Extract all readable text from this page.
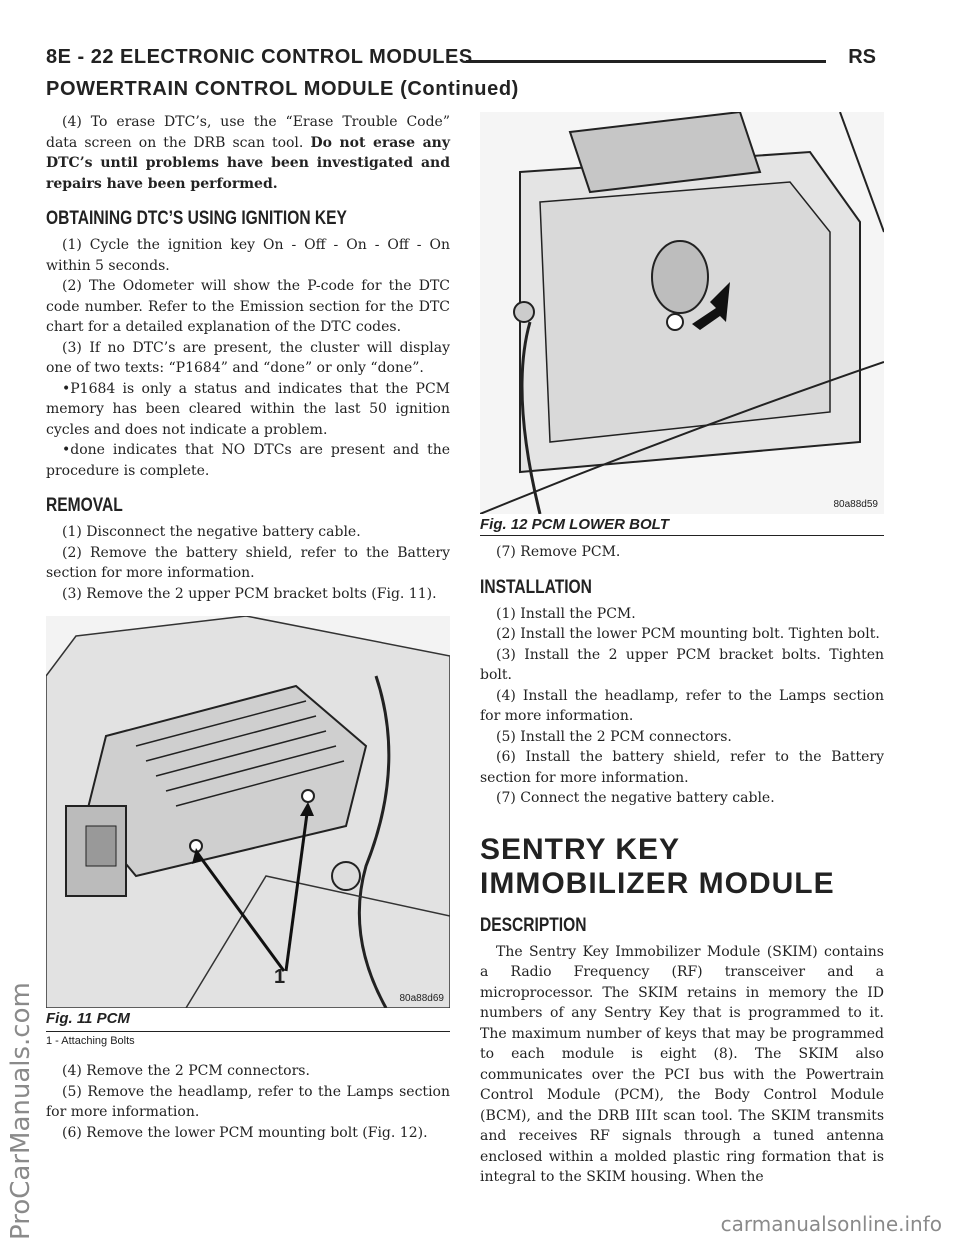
8E - 22 ELECTRONIC CONTROL MODULES	RS
POWERTRAIN CONTROL MODULE (Continued)

(4) To erase DTC’s, use the “Erase Trouble Code” data screen on the DRB scan tool. Do not erase any DTC’s until problems have been investigated and repairs have been performed.

OBTAINING DTC’S USING IGNITION KEY

(1) Cycle the ignition key On - Off - On - Off - On within 5 seconds.

(2) The Odometer will show the P-code for the DTC code number. Refer to the Emission section for the DTC chart for a detailed explanation of the DTC codes.

(3) If no DTC’s are present, the cluster will display one of two texts: “P1684” and “done” or only “done”.

•P1684 is only a status and indicates that the PCM memory has been cleared within the last 50 ignition cycles and does not indicate a problem.

•done indicates that NO DTCs are present and the procedure is complete.

REMOVAL

(1) Disconnect the negative battery cable.

(2) Remove the battery shield, refer to the Battery section for more information.

(3) Remove the 2 upper PCM bracket bolts (Fig. 11).

1
80a88d69
Fig. 11 PCM
1 - Attaching Bolts

(4) Remove the 2 PCM connectors.

(5) Remove the headlamp, refer to the Lamps section for more information.

(6) Remove the lower PCM mounting bolt (Fig. 12).

80a88d59
Fig. 12 PCM LOWER BOLT

(7) Remove PCM.

INSTALLATION

(1) Install the PCM.

(2) Install the lower PCM mounting bolt. Tighten bolt.

(3) Install the 2 upper PCM bracket bolts. Tighten bolt.

(4) Install the headlamp, refer to the Lamps section for more information.

(5) Install the 2 PCM connectors.

(6) Install the battery shield, refer to the Battery section for more information.

(7) Connect the negative battery cable.

SENTRY KEY IMMOBILIZER MODULE
DESCRIPTION

The Sentry Key Immobilizer Module (SKIM) contains a Radio Frequency (RF) transceiver and a microprocessor. The SKIM retains in memory the ID numbers of any Sentry Key that is programmed to it. The maximum number of keys that may be programmed to each module is eight (8). The SKIM also communicates over the PCI bus with the Powertrain Control Module (PCM), the Body Control Module (BCM), and the DRB IIIt scan tool. The SKIM transmits and receives RF signals through a tuned antenna enclosed within a molded plastic ring formation that is integral to the SKIM housing. When the

ProCarManuals.com	carmanualsonline.info
